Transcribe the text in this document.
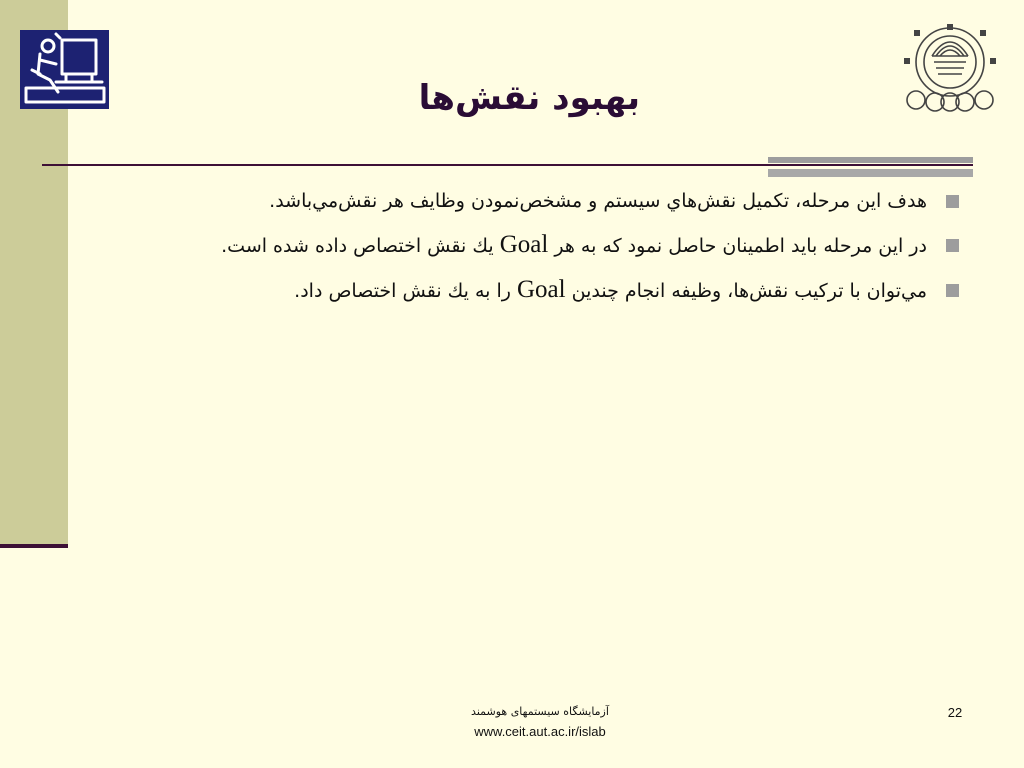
بهبود نقش‌ها
هدف اين مرحله، تكميل نقش‌هاي سيستم و مشخص‌نمودن وظايف هر نقش‌مي‌باشد.
در اين مرحله بايد اطمينان حاصل نمود كه به هر Goal يك نقش اختصاص داده شده است.
مي‌توان با تركيب نقش‌ها، وظيفه انجام چندين Goal را به يك نقش اختصاص داد.
آزمایشگاه سیستمهای هوشمند
www.ceit.aut.ac.ir/islab
22
